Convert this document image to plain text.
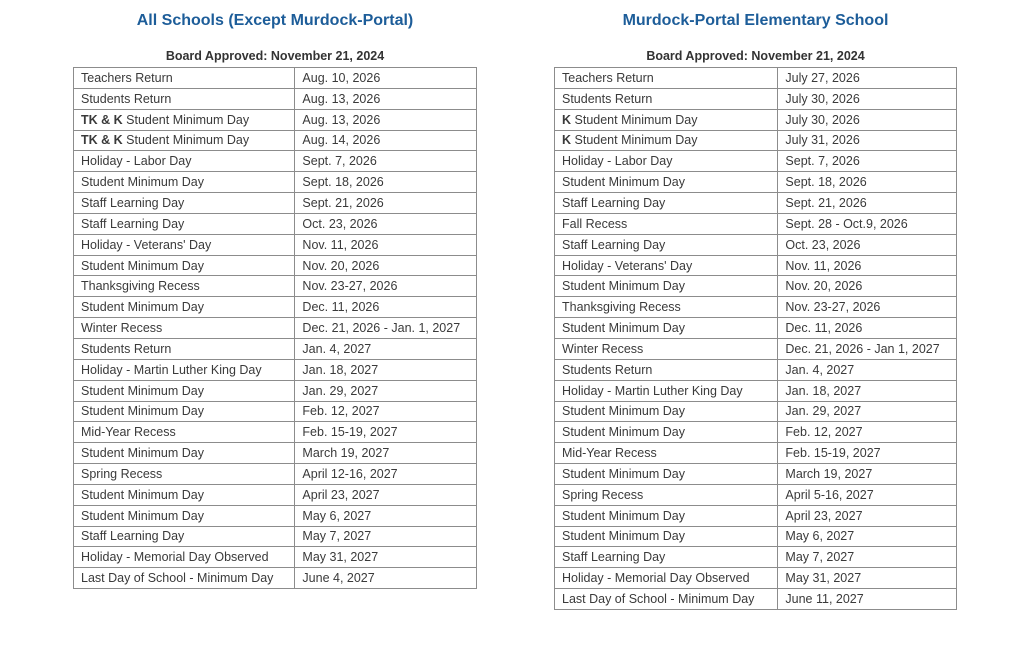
All Schools (Except Murdock-Portal)
Board Approved: November 21, 2024
Teachers Return	Aug. 10, 2026
Students Return	Aug. 13, 2026
TK & K Student Minimum Day	Aug. 13, 2026
TK & K Student Minimum Day	Aug. 14, 2026
Holiday - Labor Day	Sept. 7, 2026
Student Minimum Day	Sept. 18, 2026
Staff Learning Day	Sept. 21, 2026
Staff Learning Day	Oct. 23, 2026
Holiday - Veterans' Day	Nov. 11, 2026
Student Minimum Day	Nov. 20, 2026
Thanksgiving Recess	Nov. 23-27, 2026
Student Minimum Day	Dec. 11, 2026
Winter Recess	Dec. 21, 2026 - Jan. 1, 2027
Students Return	Jan. 4, 2027
Holiday - Martin Luther King Day	Jan. 18, 2027
Student Minimum Day	Jan. 29, 2027
Student Minimum Day	Feb. 12, 2027
Mid-Year Recess	Feb. 15-19, 2027
Student Minimum Day	March 19, 2027
Spring Recess	April 12-16, 2027
Student Minimum Day	April 23, 2027
Student Minimum Day	May 6, 2027
Staff Learning Day	May 7, 2027
Holiday - Memorial Day Observed	May 31, 2027
Last Day of School - Minimum Day	June 4, 2027
Murdock-Portal Elementary School
Board Approved: November 21, 2024
Teachers Return	July 27, 2026
Students Return	July 30, 2026
K Student Minimum Day	July 30, 2026
K Student Minimum Day	July 31, 2026
Holiday - Labor Day	Sept. 7, 2026
Student Minimum Day	Sept. 18, 2026
Staff Learning Day	Sept. 21, 2026
Fall Recess	Sept. 28 - Oct.9, 2026
Staff Learning Day	Oct. 23, 2026
Holiday - Veterans' Day	Nov. 11, 2026
Student Minimum Day	Nov. 20, 2026
Thanksgiving Recess	Nov. 23-27, 2026
Student Minimum Day	Dec. 11, 2026
Winter Recess	Dec. 21, 2026 - Jan 1, 2027
Students Return	Jan. 4, 2027
Holiday - Martin Luther King Day	Jan. 18, 2027
Student Minimum Day	Jan. 29, 2027
Student Minimum Day	Feb. 12, 2027
Mid-Year Recess	Feb. 15-19, 2027
Student Minimum Day	March 19, 2027
Spring Recess	April 5-16, 2027
Student Minimum Day	April 23, 2027
Student Minimum Day	May 6, 2027
Staff Learning Day	May 7, 2027
Holiday - Memorial Day Observed	May 31, 2027
Last Day of School - Minimum Day	June 11, 2027
